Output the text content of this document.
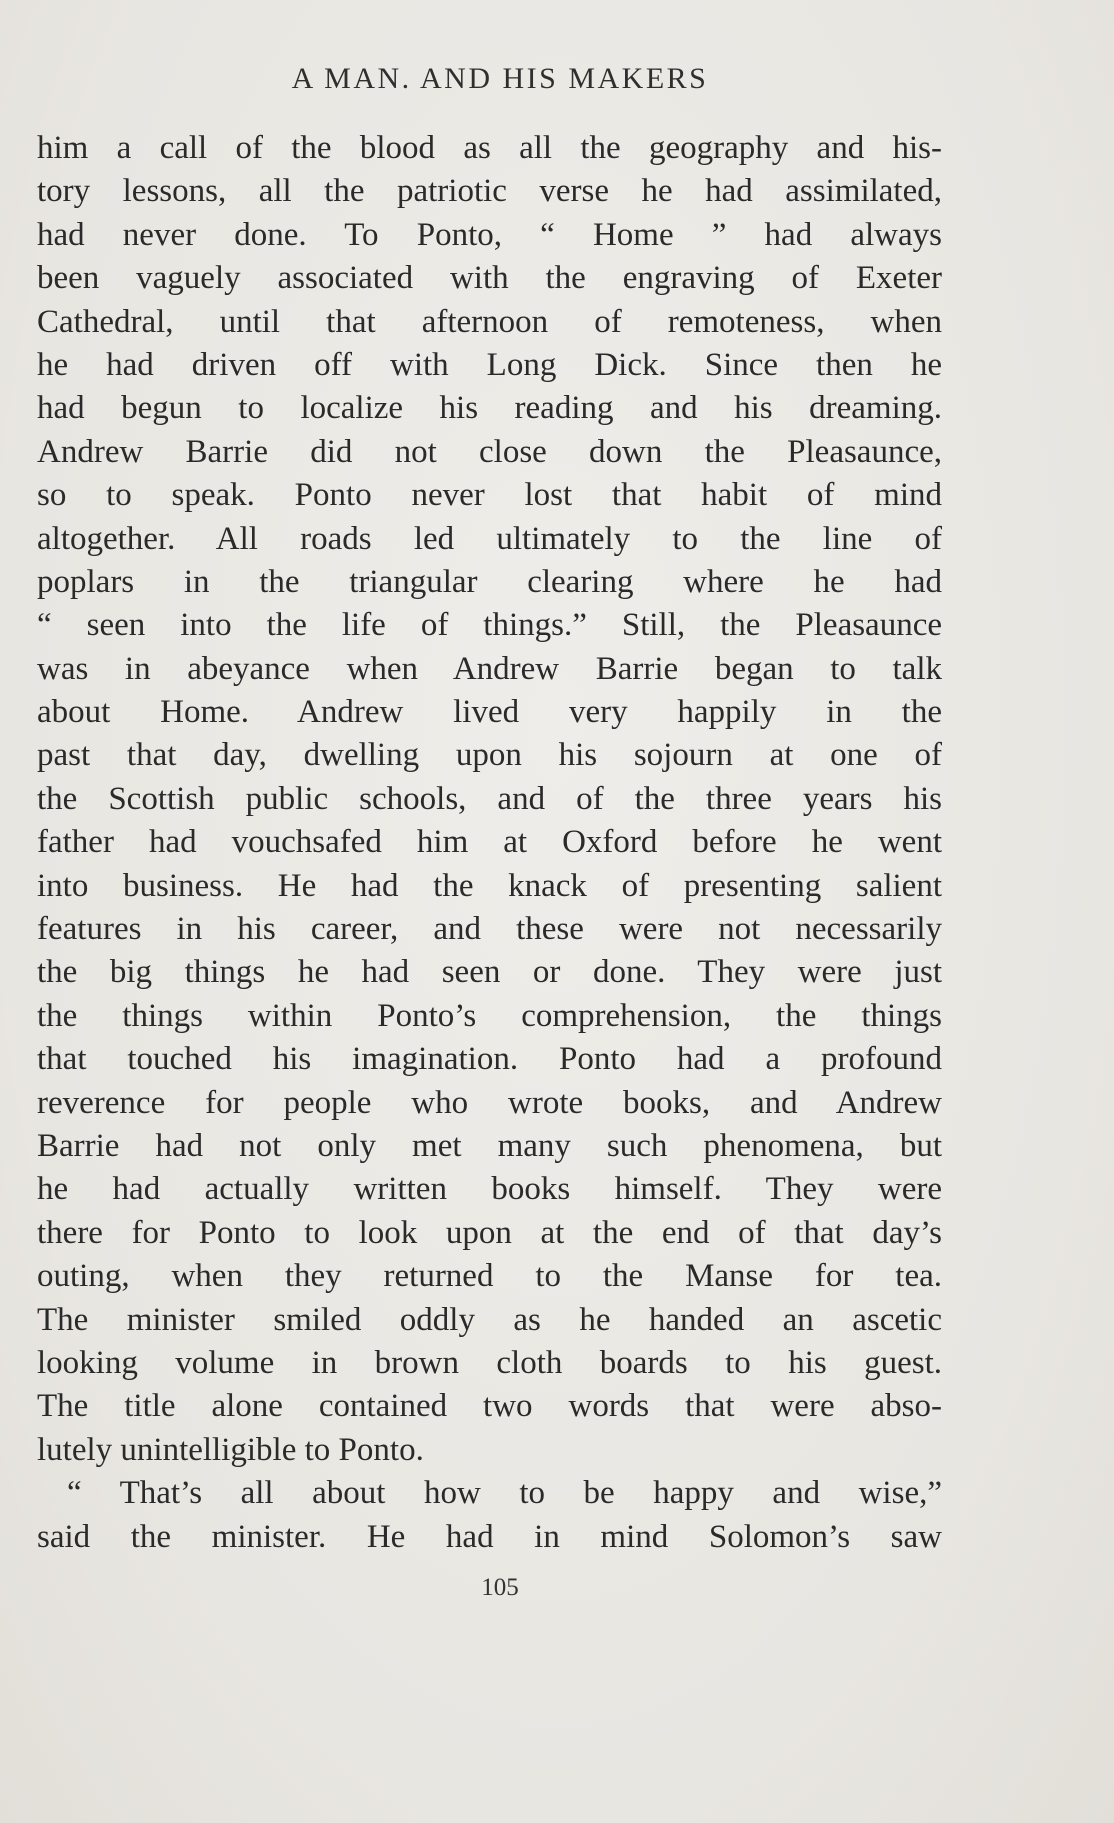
A MAN. AND HIS MAKERS
him a call of the blood as all the geography and his-
tory lessons, all the patriotic verse he had assimilated,
had never done. To Ponto, “ Home ” had always
been vaguely associated with the engraving of Exeter
Cathedral, until that afternoon of remoteness, when
he had driven off with Long Dick. Since then he
had begun to localize his reading and his dreaming.
Andrew Barrie did not close down the Pleasaunce,
so to speak. Ponto never lost that habit of mind
altogether. All roads led ultimately to the line of
poplars in the triangular clearing where he had
“ seen into the life of things.” Still, the Pleasaunce
was in abeyance when Andrew Barrie began to talk
about Home. Andrew lived very happily in the
past that day, dwelling upon his sojourn at one of
the Scottish public schools, and of the three years his
father had vouchsafed him at Oxford before he went
into business. He had the knack of presenting salient
features in his career, and these were not necessarily
the big things he had seen or done. They were just
the things within Ponto’s comprehension, the things
that touched his imagination. Ponto had a profound
reverence for people who wrote books, and Andrew
Barrie had not only met many such phenomena, but
he had actually written books himself. They were
there for Ponto to look upon at the end of that day’s
outing, when they returned to the Manse for tea.
The minister smiled oddly as he handed an ascetic
looking volume in brown cloth boards to his guest.
The title alone contained two words that were abso-
lutely unintelligible to Ponto.
“ That’s all about how to be happy and wise,”
said the minister. He had in mind Solomon’s saw
105
